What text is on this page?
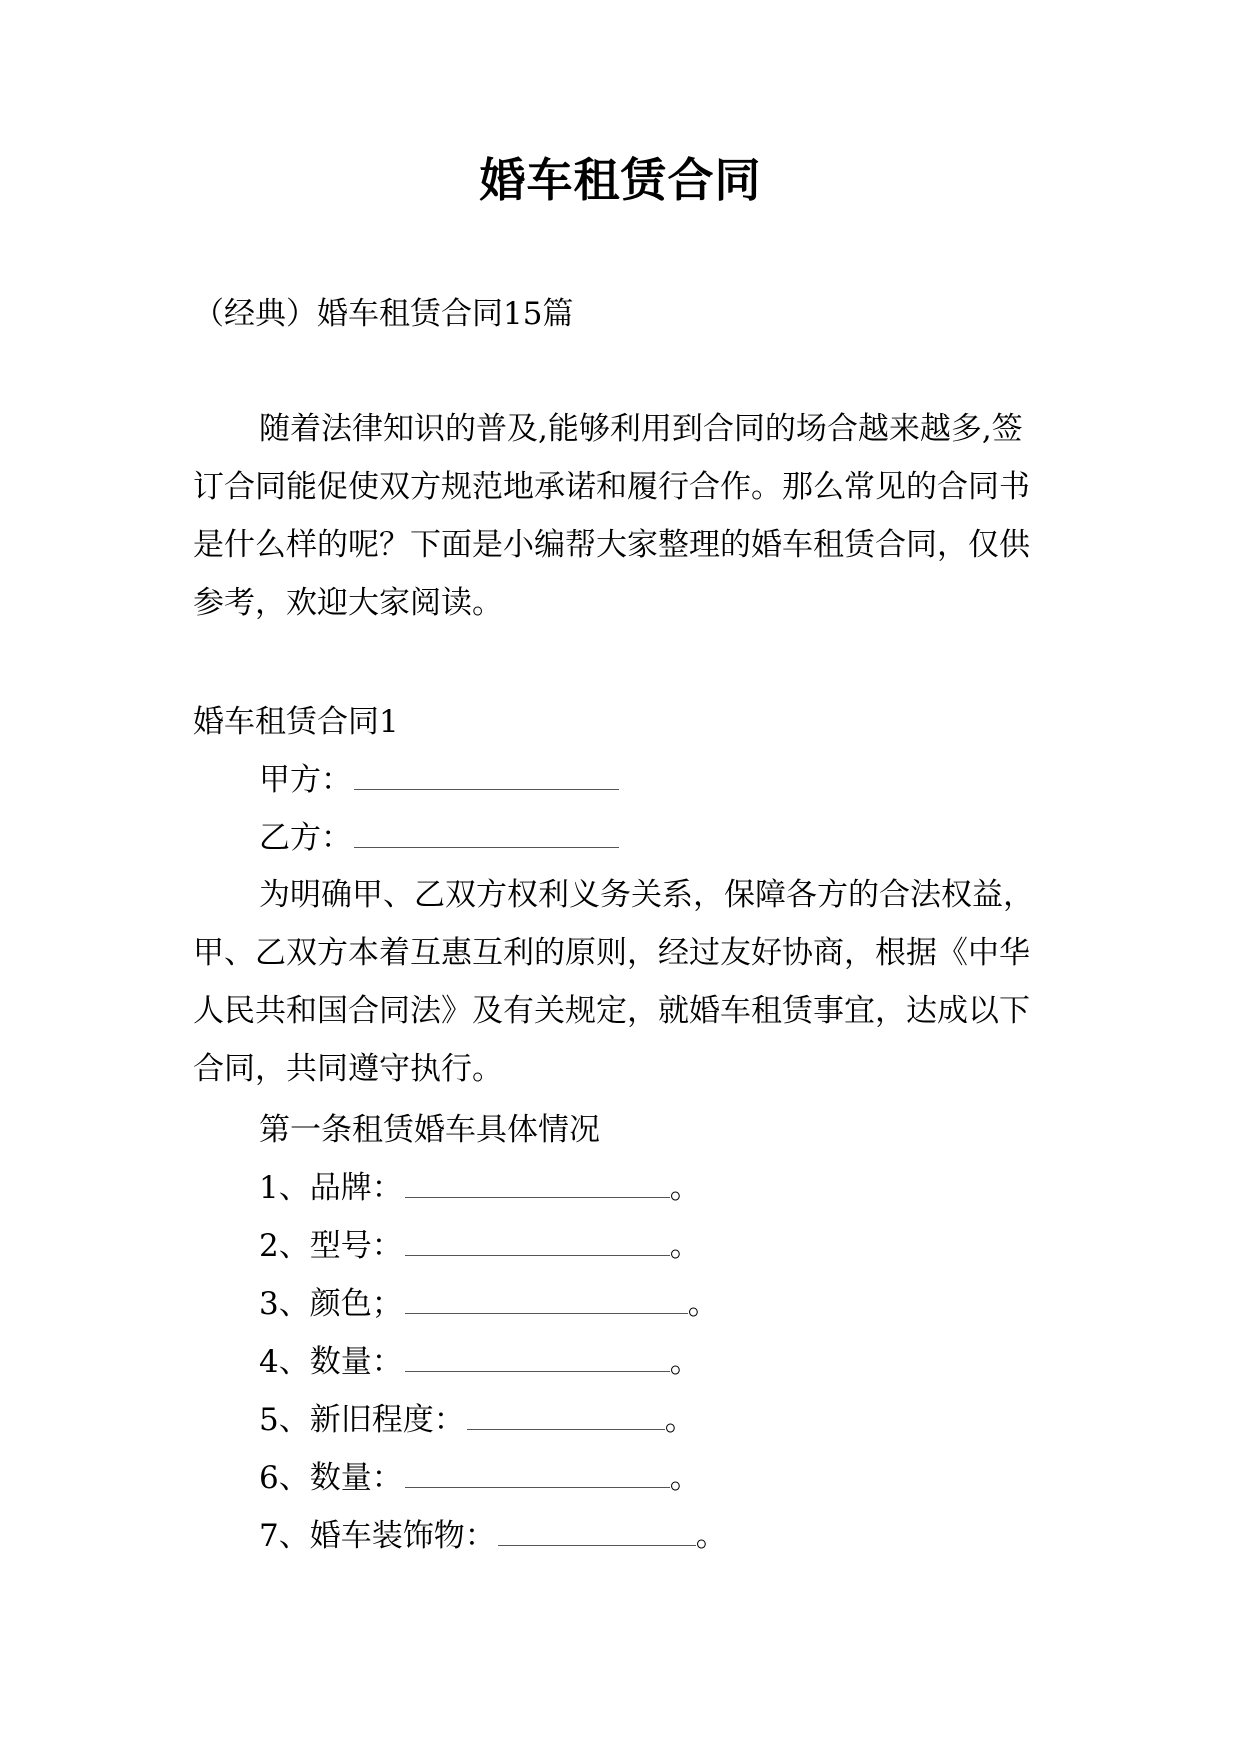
婚车租赁合同
（经典）婚车租赁合同15篇

随着法律知识的普及,能够利用到合同的场合越来越多,签订合同能促使双方规范地承诺和履行合作。那么常见的合同书是什么样的呢？下面是小编帮大家整理的婚车租赁合同，仅供参考，欢迎大家阅读。

婚车租赁合同1
甲方：
乙方：

为明确甲、乙双方权利义务关系，保障各方的合法权益，甲、乙双方本着互惠互利的原则，经过友好协商，根据《中华人民共和国合同法》及有关规定，就婚车租赁事宜，达成以下合同，共同遵守执行。

第一条租赁婚车具体情况
1、品牌：	。
2、型号：	。
3、颜色；	。
4、数量：	。
5、新旧程度：	。
6、数量：	。
7、婚车装饰物：	。
